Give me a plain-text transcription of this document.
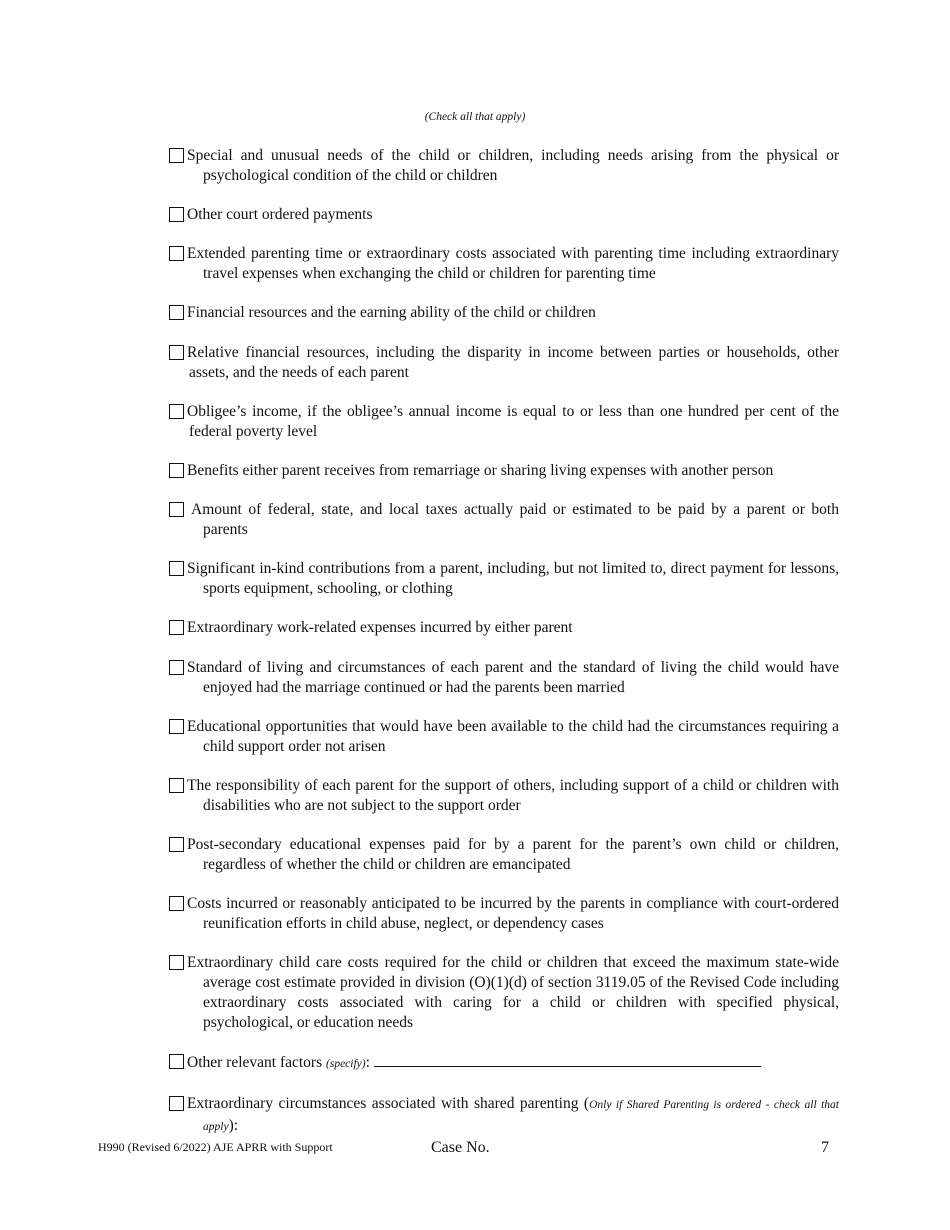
(Check all that apply)
Special and unusual needs of the child or children, including needs arising from the physical or psychological condition of the child or children
Other court ordered payments
Extended parenting time or extraordinary costs associated with parenting time including extraordinary travel expenses when exchanging the child or children for parenting time
Financial resources and the earning ability of the child or children
Relative financial resources, including the disparity in income between parties or households, other assets, and the needs of each parent
Obligee’s income, if the obligee’s annual income is equal to or less than one hundred per cent of the federal poverty level
Benefits either parent receives from remarriage or sharing living expenses with another person
Amount of federal, state, and local taxes actually paid or estimated to be paid by a parent or both parents
Significant in-kind contributions from a parent, including, but not limited to, direct payment for lessons, sports equipment, schooling, or clothing
Extraordinary work-related expenses incurred by either parent
Standard of living and circumstances of each parent and the standard of living the child would have enjoyed had the marriage continued or had the parents been married
Educational opportunities that would have been available to the child had the circumstances requiring a child support order not arisen
The responsibility of each parent for the support of others, including support of a child or children with disabilities who are not subject to the support order
Post-secondary educational expenses paid for by a parent for the parent’s own child or children, regardless of whether the child or children are emancipated
Costs incurred or reasonably anticipated to be incurred by the parents in compliance with court-ordered reunification efforts in child abuse, neglect, or dependency cases
Extraordinary child care costs required for the child or children that exceed the maximum state-wide average cost estimate provided in division (O)(1)(d) of section 3119.05 of the Revised Code including extraordinary costs associated with caring for a child or children with specified physical, psychological, or education needs
Other relevant factors (specify):
Extraordinary circumstances associated with shared parenting (Only if Shared Parenting is ordered - check all that apply):
H990 (Revised 6/2022) AJE APRR with Support	Case No.	7
